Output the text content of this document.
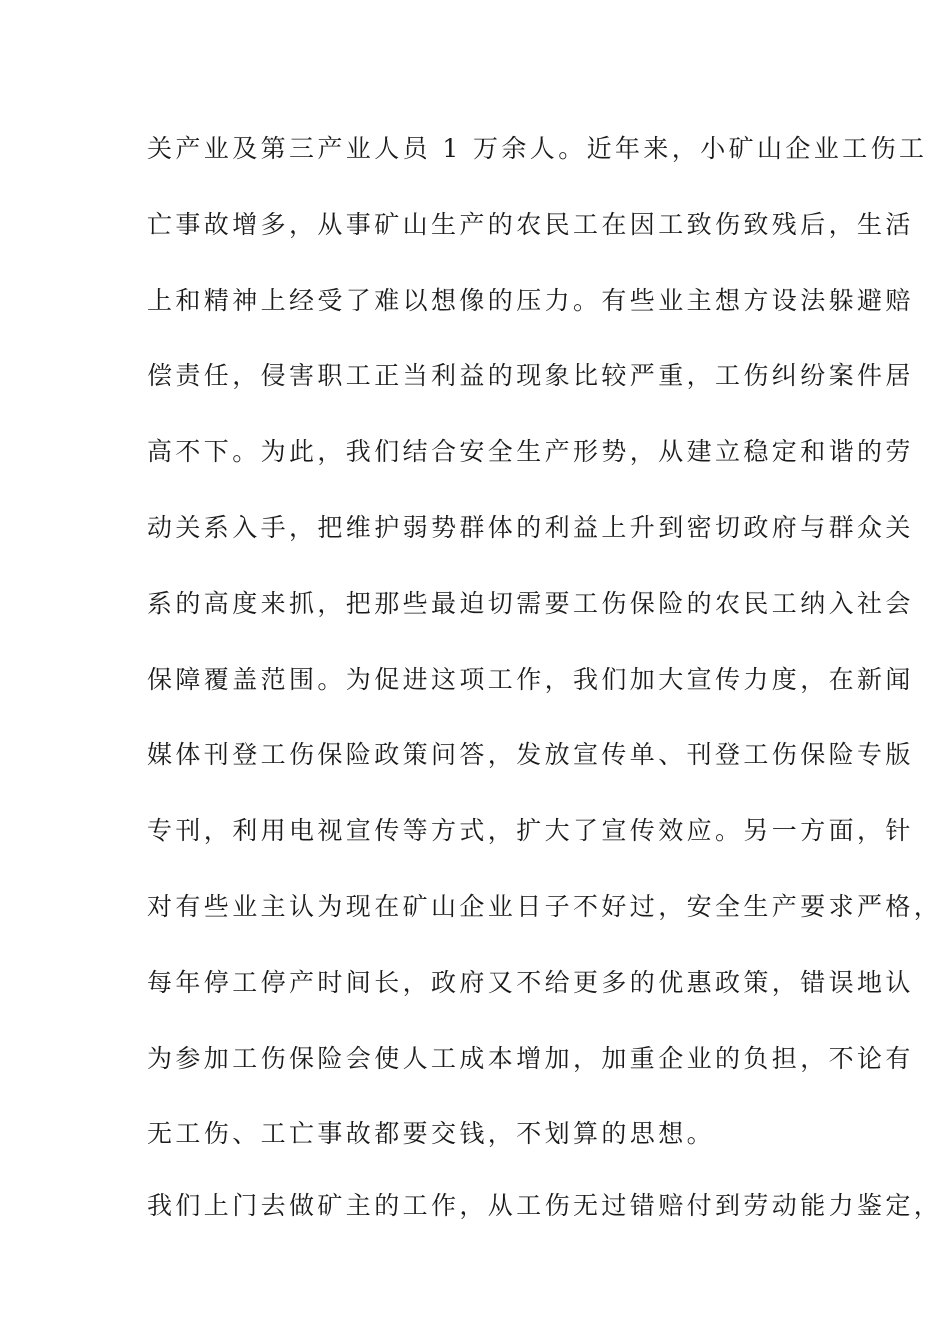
关产业及第三产业人员 1 万余人。近年来，小矿山企业工伤工
亡事故增多，从事矿山生产的农民工在因工致伤致残后，生活
上和精神上经受了难以想像的压力。有些业主想方设法躲避赔
偿责任，侵害职工正当利益的现象比较严重，工伤纠纷案件居
高不下。为此，我们结合安全生产形势，从建立稳定和谐的劳
动关系入手，把维护弱势群体的利益上升到密切政府与群众关
系的高度来抓，把那些最迫切需要工伤保险的农民工纳入社会
保障覆盖范围。为促进这项工作，我们加大宣传力度，在新闻
媒体刊登工伤保险政策问答，发放宣传单、刊登工伤保险专版
专刊，利用电视宣传等方式，扩大了宣传效应。另一方面，针
对有些业主认为现在矿山企业日子不好过，安全生产要求严格，
每年停工停产时间长，政府又不给更多的优惠政策，错误地认
为参加工伤保险会使人工成本增加，加重企业的负担，不论有
无工伤、工亡事故都要交钱，不划算的思想。
我们上门去做矿主的工作，从工伤无过错赔付到劳动能力鉴定，
